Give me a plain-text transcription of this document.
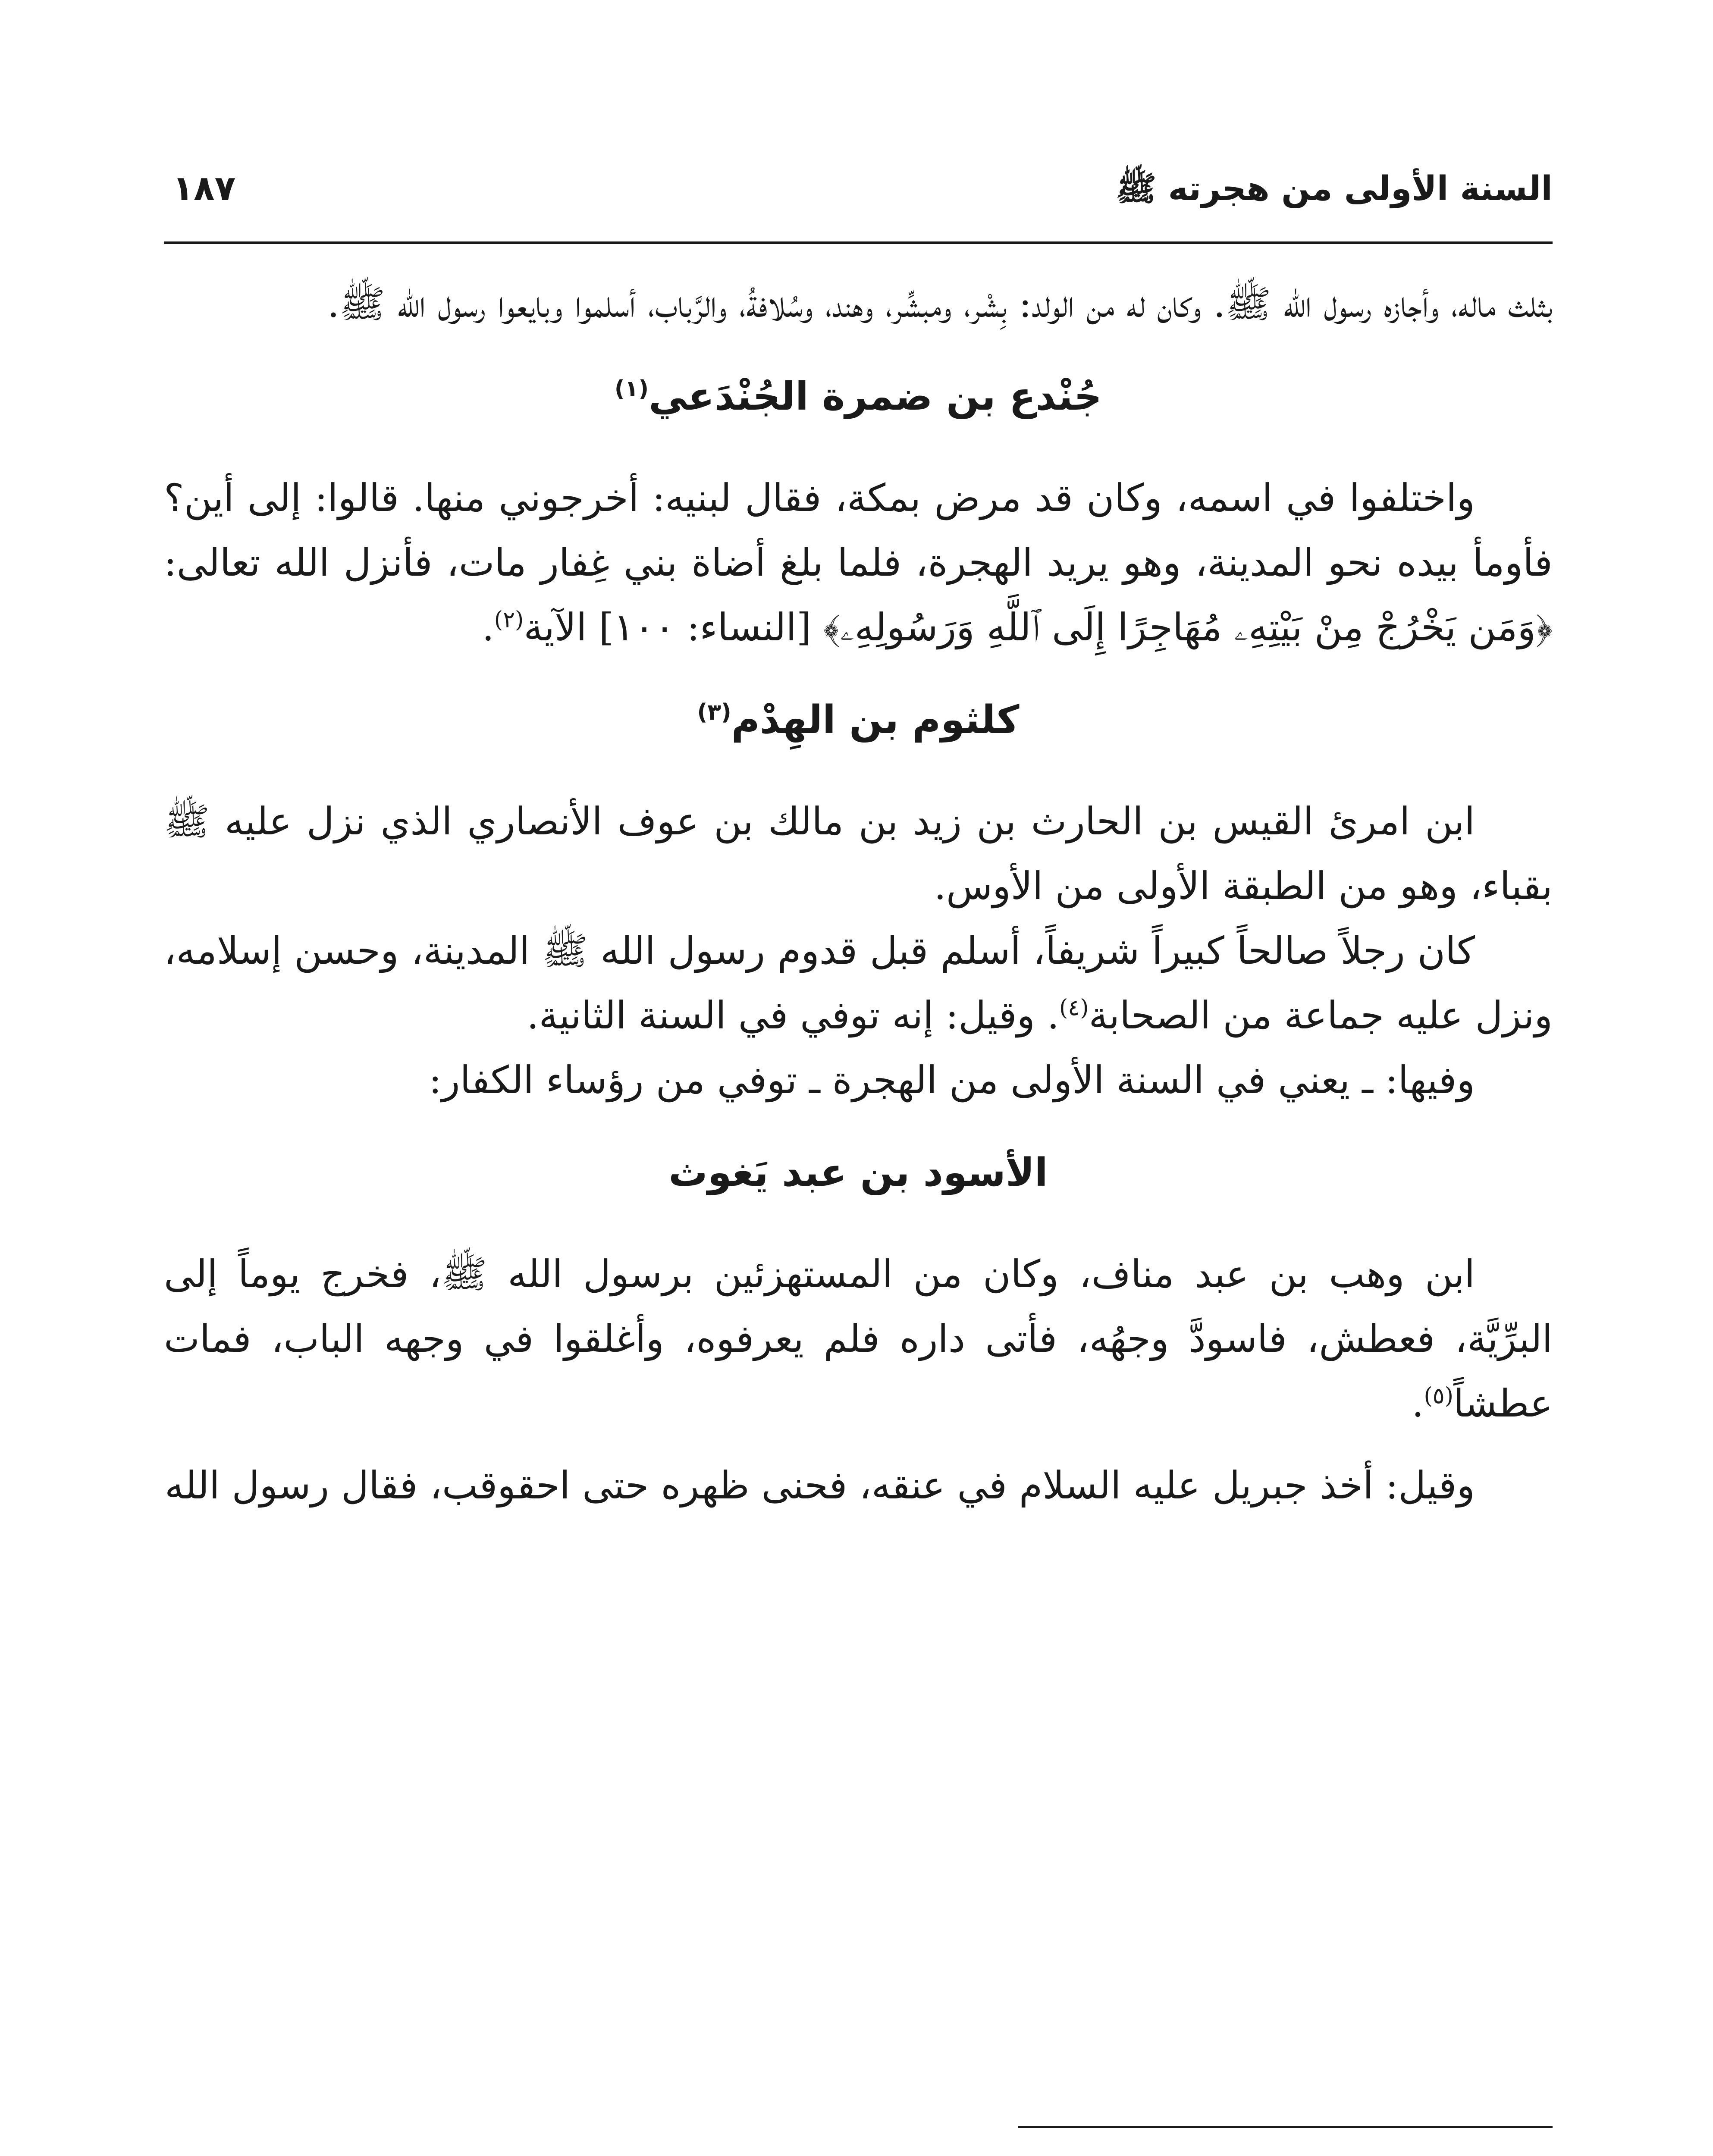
السنة الأولى من هجرته ﷺ
١٨٧

بثلث ماله، وأجازه رسول الله ﷺ. وكان له من الولد: بِشْر، ومبشِّر، وهند، وسُلافةُ، والرَّباب، أسلموا وبايعوا رسول الله ﷺ.

جُنْدع بن ضمرة الجُنْدَعي$^{(١)}$

واختلفوا في اسمه، وكان قد مرض بمكة، فقال لبنيه: أخرجوني منها. قالوا: إلى أين؟ فأومأ بيده نحو المدينة، وهو يريد الهجرة، فلما بلغ أضاة بني غِفار مات، فأنزل الله تعالى: ﴿وَمَن يَخْرُجْ مِنْ بَيْتِهِۦ مُهَاجِرًا إِلَى ٱللَّهِ وَرَسُولِهِۦ﴾ [النساء: ١٠٠] الآية$^{(٢)}$.

كلثوم بن الهِدْم$^{(٣)}$

ابن امرئ القيس بن الحارث بن زيد بن مالك بن عوف الأنصاري الذي نزل عليه ﷺ بقباء، وهو من الطبقة الأولى من الأوس.

كان رجلاً صالحاً كبيراً شريفاً، أسلم قبل قدوم رسول الله ﷺ المدينة، وحسن إسلامه، ونزل عليه جماعة من الصحابة$^{(٤)}$. وقيل: إنه توفي في السنة الثانية.

وفيها: ـ يعني في السنة الأولى من الهجرة ـ توفي من رؤساء الكفار:

الأسود بن عبد يَغوث

ابن وهب بن عبد مناف، وكان من المستهزئين برسول الله ﷺ، فخرج يوماً إلى البرِّيَّة، فعطش، فاسودَّ وجهُه، فأتى داره فلم يعرفوه، وأغلقوا في وجهه الباب، فمات عطشاً$^{(٥)}$.

وقيل: أخذ جبريل عليه السلام في عنقه، فحنى ظهره حتى احقوقب، فقال رسول الله
